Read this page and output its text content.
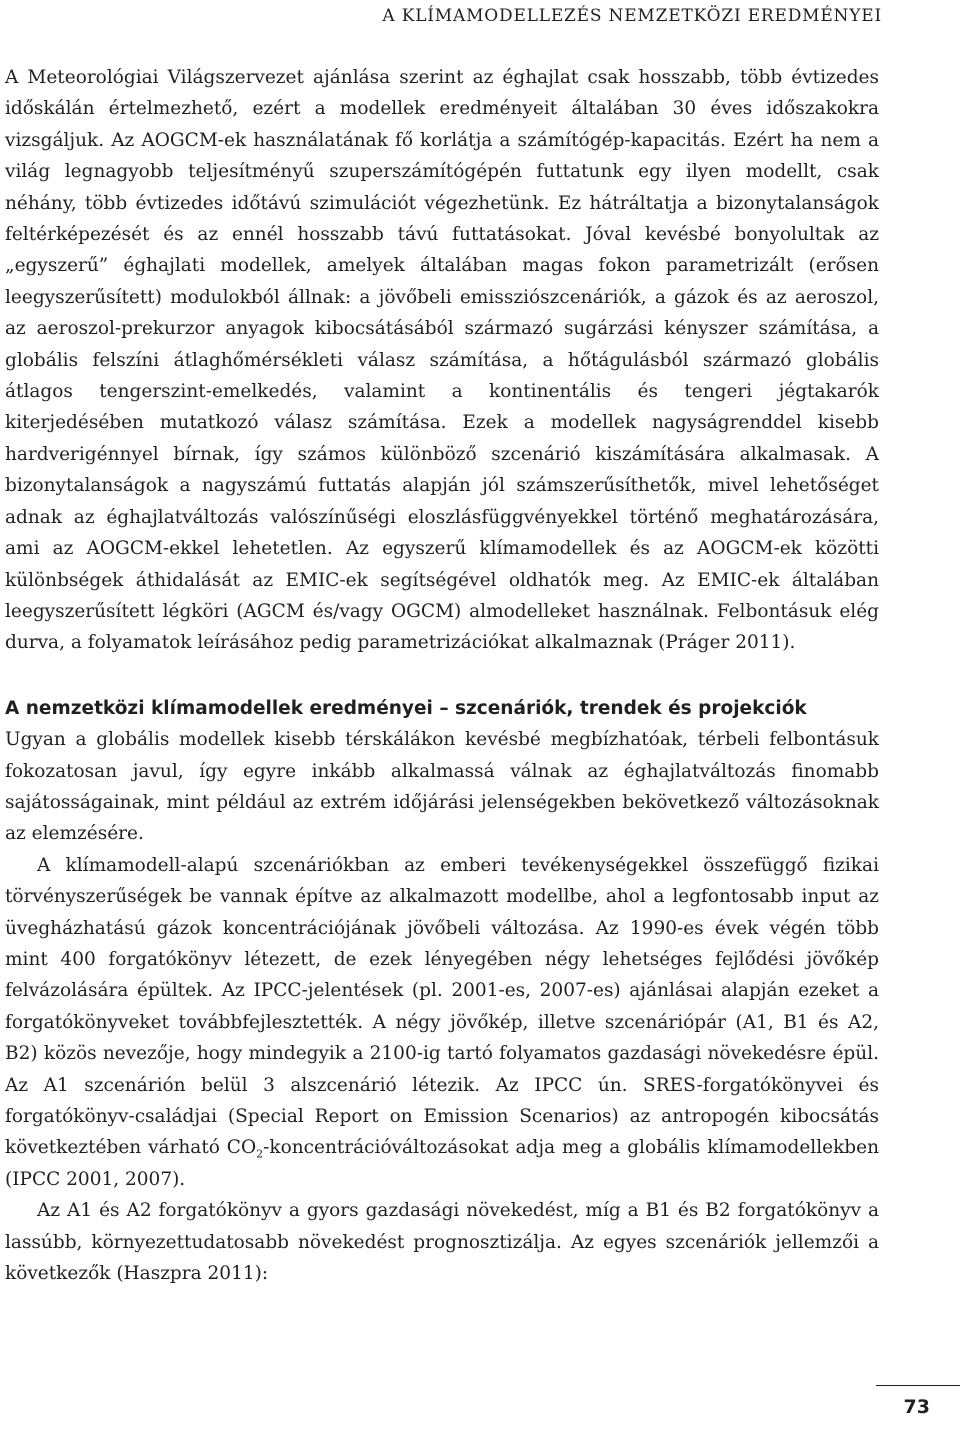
A KLÍMAMODELLEZÉS NEMZETKÖZI EREDMÉNYEI

A Meteorológiai Világszervezet ajánlása szerint az éghajlat csak hosszabb, több évtizedes időskálán értelmezhető, ezért a modellek eredményeit általában 30 éves időszakokra vizsgáljuk. Az AOGCM-ek használatának fő korlátja a számítógép-kapacitás. Ezért ha nem a világ legnagyobb teljesítményű szuperszámítógépén futtatunk egy ilyen modellt, csak néhány, több évtizedes időtávú szimulációt végezhetünk. Ez hátráltatja a bizonytalanságok feltérképezését és az ennél hosszabb távú futtatásokat. Jóval kevésbé bonyolultak az „egyszerű” éghajlati modellek, amelyek általában magas fokon parametrizált (erősen leegyszerűsített) modulokból állnak: a jövőbeli emissziószcenáriók, a gázok és az aeroszol, az aeroszol-prekurzor anyagok kibocsátásából származó sugárzási kényszer számítása, a globális felszíni átlaghőmérsékleti válasz számítása, a hőtágulásból származó globális átlagos tengerszint-emelkedés, valamint a kontinentális és tengeri jégtakarók kiterjedésében mutatkozó válasz számítása. Ezek a modellek nagyságrenddel kisebb hardverigénnyel bírnak, így számos különböző szcenárió kiszámítására alkalmasak. A bizonytalanságok a nagyszámú futtatás alapján jól számszerűsíthetők, mivel lehetőséget adnak az éghajlatváltozás valószínűségi eloszlásfüggvényekkel történő meghatározására, ami az AOGCM-ekkel lehetetlen. Az egyszerű klímamodellek és az AOGCM-ek közötti különbségek áthidalását az EMIC-ek segítségével oldhatók meg. Az EMIC-ek általában leegyszerűsített légköri (AGCM és/vagy OGCM) almodelleket használnak. Felbontásuk elég durva, a folyamatok leírásához pedig parametrizációkat alkalmaznak (Práger 2011).

A nemzetközi klímamodellek eredményei – szcenáriók, trendek és projekciók

Ugyan a globális modellek kisebb térskálákon kevésbé megbízhatóak, térbeli felbontásuk fokozatosan javul, így egyre inkább alkalmassá válnak az éghajlatváltozás finomabb sajátosságainak, mint például az extrém időjárási jelenségekben bekövetkező változásoknak az elemzésére.

A klímamodell-alapú szcenáriókban az emberi tevékenységekkel összefüggő fizikai törvényszerűségek be vannak építve az alkalmazott modellbe, ahol a legfontosabb input az üvegházhatású gázok koncentrációjának jövőbeli változása. Az 1990-es évek végén több mint 400 forgatókönyv létezett, de ezek lényegében négy lehetséges fejlődési jövőkép felvázolására épültek. Az IPCC-jelentések (pl. 2001-es, 2007-es) ajánlásai alapján ezeket a forgatókönyveket továbbfejlesztették. A négy jövőkép, illetve szcenáriópár (A1, B1 és A2, B2) közös nevezője, hogy mindegyik a 2100-ig tartó folyamatos gazdasági növekedésre épül. Az A1 szcenárión belül 3 alszcenárió létezik. Az IPCC ún. SRES-forgatókönyvei és forgatókönyv-családjai (Special Report on Emission Scenarios) az antropogén kibocsátás következtében várható $CO_2$-koncentrációváltozásokat adja meg a globális klímamodellekben (IPCC 2001, 2007).

Az A1 és A2 forgatókönyv a gyors gazdasági növekedést, míg a B1 és B2 forgatókönyv a lassúbb, környezettudatosabb növekedést prognosztizálja. Az egyes szcenáriók jellemzői a következők (Haszpra 2011):

73
